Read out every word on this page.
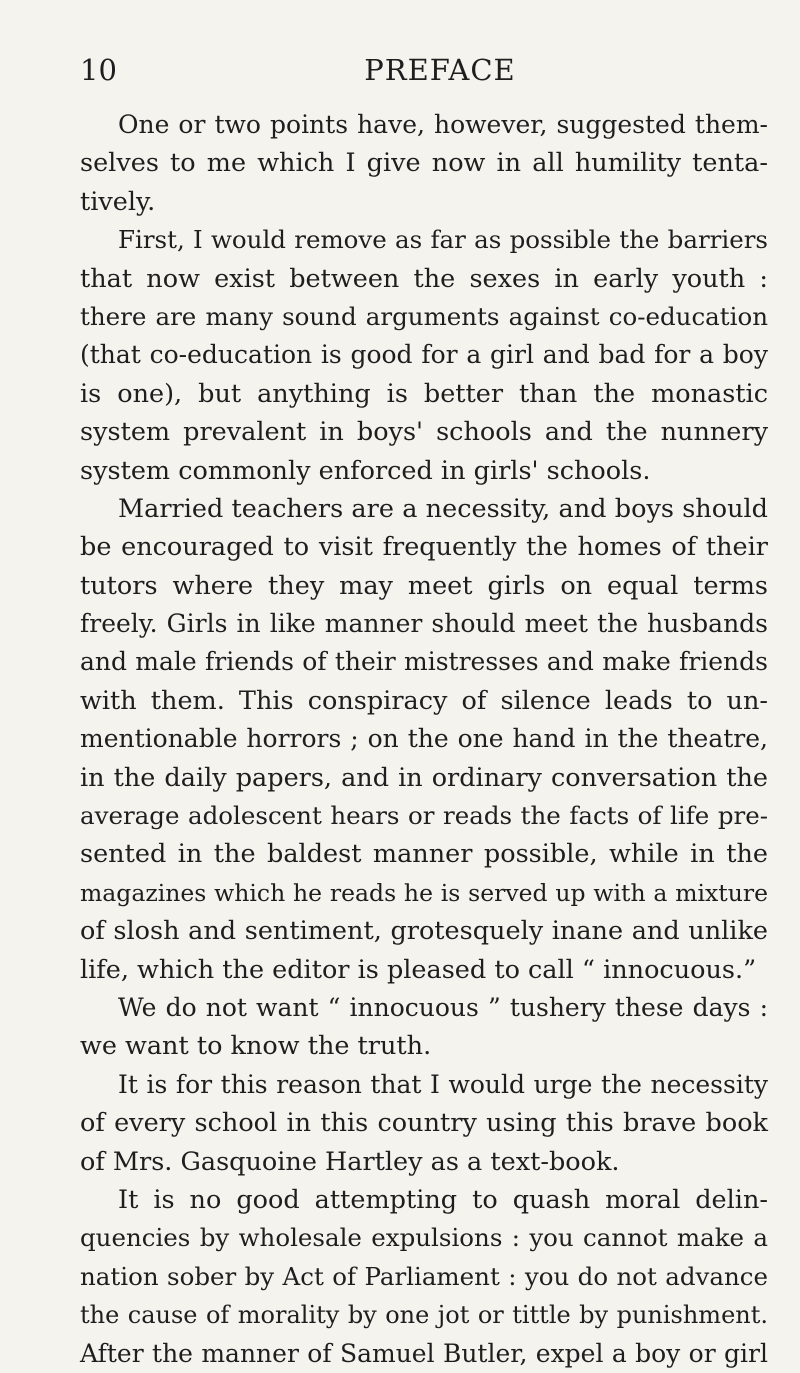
10	PREFACE
One or two points have, however, suggested them-
selves to me which I give now in all humility tenta-
tively.
First, I would remove as far as possible the barriers
that now exist between the sexes in early youth :
there are many sound arguments against co-education
(that co-education is good for a girl and bad for a boy
is one), but anything is better than the monastic
system prevalent in boys' schools and the nunnery
system commonly enforced in girls' schools.
Married teachers are a necessity, and boys should
be encouraged to visit frequently the homes of their
tutors where they may meet girls on equal terms
freely. Girls in like manner should meet the husbands
and male friends of their mistresses and make friends
with them. This conspiracy of silence leads to un-
mentionable horrors ; on the one hand in the theatre,
in the daily papers, and in ordinary conversation the
average adolescent hears or reads the facts of life pre-
sented in the baldest manner possible, while in the
magazines which he reads he is served up with a mixture
of slosh and sentiment, grotesquely inane and unlike
life, which the editor is pleased to call “ innocuous.”
We do not want “ innocuous ” tushery these days :
we want to know the truth.
It is for this reason that I would urge the necessity
of every school in this country using this brave book
of Mrs. Gasquoine Hartley as a text-book.
It is no good attempting to quash moral delin-
quencies by wholesale expulsions : you cannot make a
nation sober by Act of Parliament : you do not advance
the cause of morality by one jot or tittle by punishment.
After the manner of Samuel Butler, expel a boy or girl
